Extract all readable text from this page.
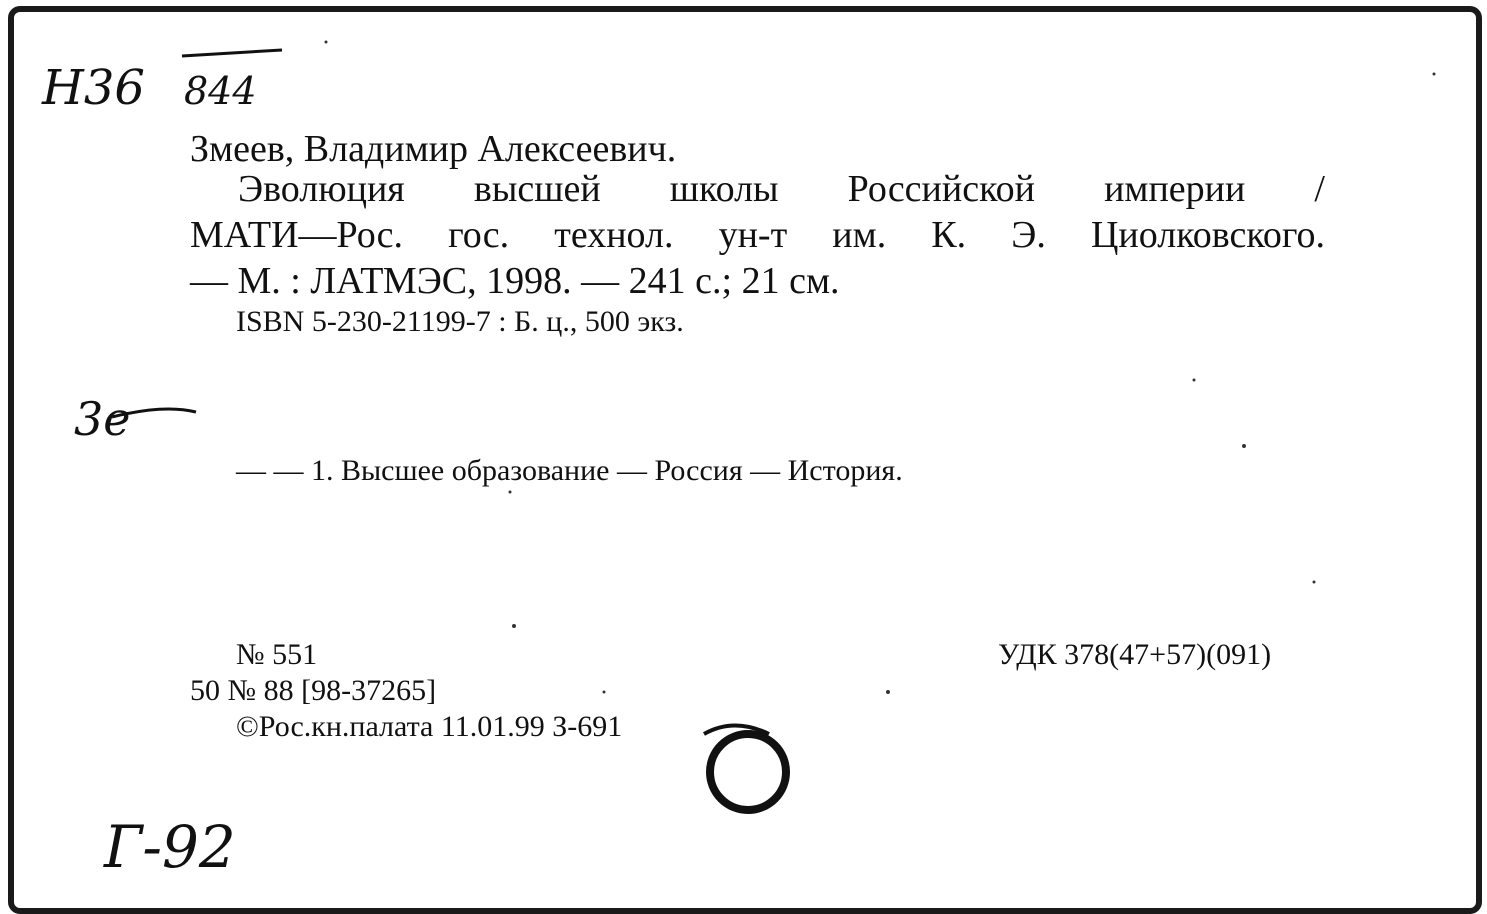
Н36 844
Змеев, Владимир Алексеевич.
Эволюция высшей школы Российской империи /
МАТИ—Рос. гос. технол. ун-т им. К. Э. Циолковского.
— М. : ЛАТМЭС, 1998. — 241 с.; 21 см.
ISBN 5-230-21199-7 : Б. ц., 500 экз.
3е
— — 1. Высшее образование — Россия — История.
№ 551
50 № 88 [98-37265]
©Рос.кн.палата 11.01.99 З-691
УДК 378(47+57)(091)
Г-92
